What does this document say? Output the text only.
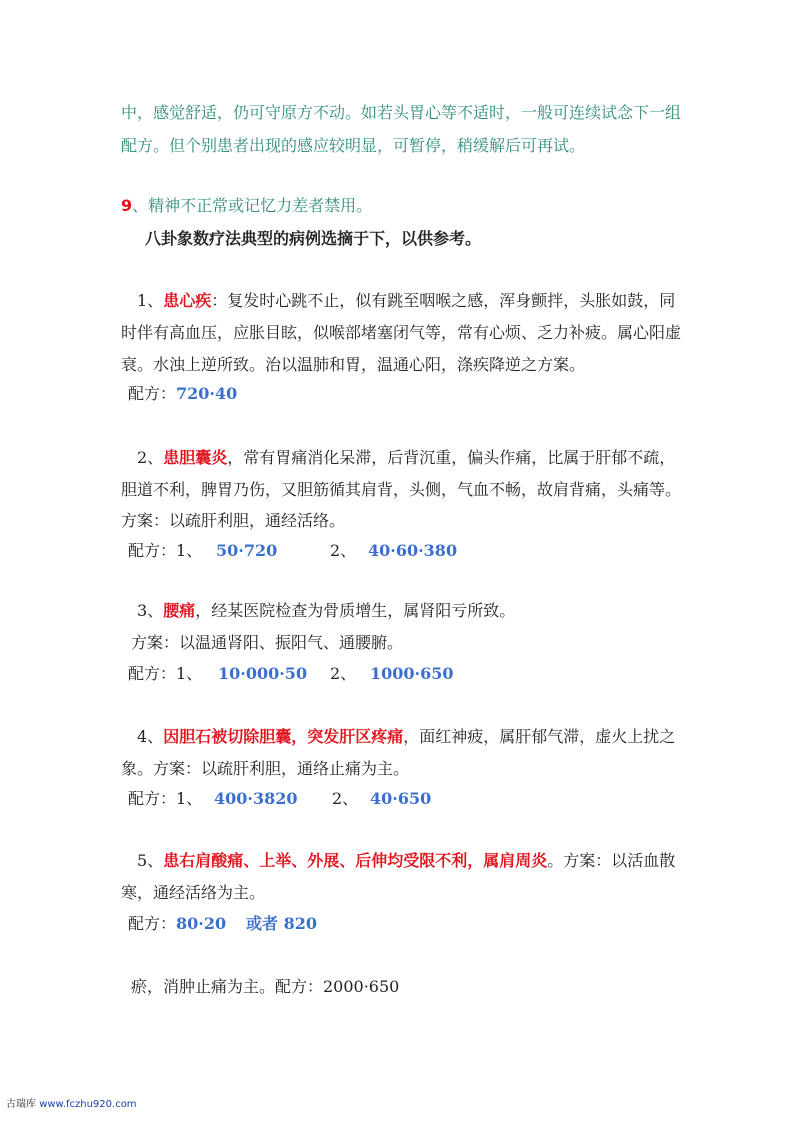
中，感觉舒适，仍可守原方不动。如若头胃心等不适时，一般可连续试念下一组
配方。但个别患者出现的感应较明显，可暂停，稍缓解后可再试。
9、精神不正常或记忆力差者禁用。
八卦象数疗法典型的病例选摘于下，以供参考。
1、患心疾：复发时心跳不止，似有跳至咽喉之感，浑身颤拌，头胀如鼓，同
时伴有高血压，应胀目眩，似喉部堵塞闭气等，常有心烦、乏力补疲。属心阳虚
衰。水浊上逆所致。治以温肺和胃，温通心阳，涤疾降逆之方案。
配方：720·40
2、患胆囊炎，常有胃痛消化呆滞，后背沉重，偏头作痛，比属于肝郁不疏，
胆道不利，脾胃乃伤，又胆筋循其肩背，头侧，气血不畅，故肩背痛，头痛等。
方案：以疏肝利胆，通经活络。
配方：1、 50·720	2、 40·60·380
3、腰痛，经某医院检查为骨质增生，属肾阳亏所致。
方案：以温通肾阳、振阳气、通腰腑。
配方：1、 10·000·50 2、 1000·650
4、因胆石被切除胆囊，突发肝区疼痛，面红神疲，属肝郁气滞，虚火上扰之
象。方案：以疏肝利胆，通络止痛为主。
配方：1、 400·3820 2、 40·650
5、患右肩酸痛、上举、外展、后伸均受限不利，属肩周炎。方案：以活血散
寒，通经活络为主。
配方：80·20 或者 820
瘀，消肿止痛为主。配方：2000·650
古瑞库 www.fczhu920.com
